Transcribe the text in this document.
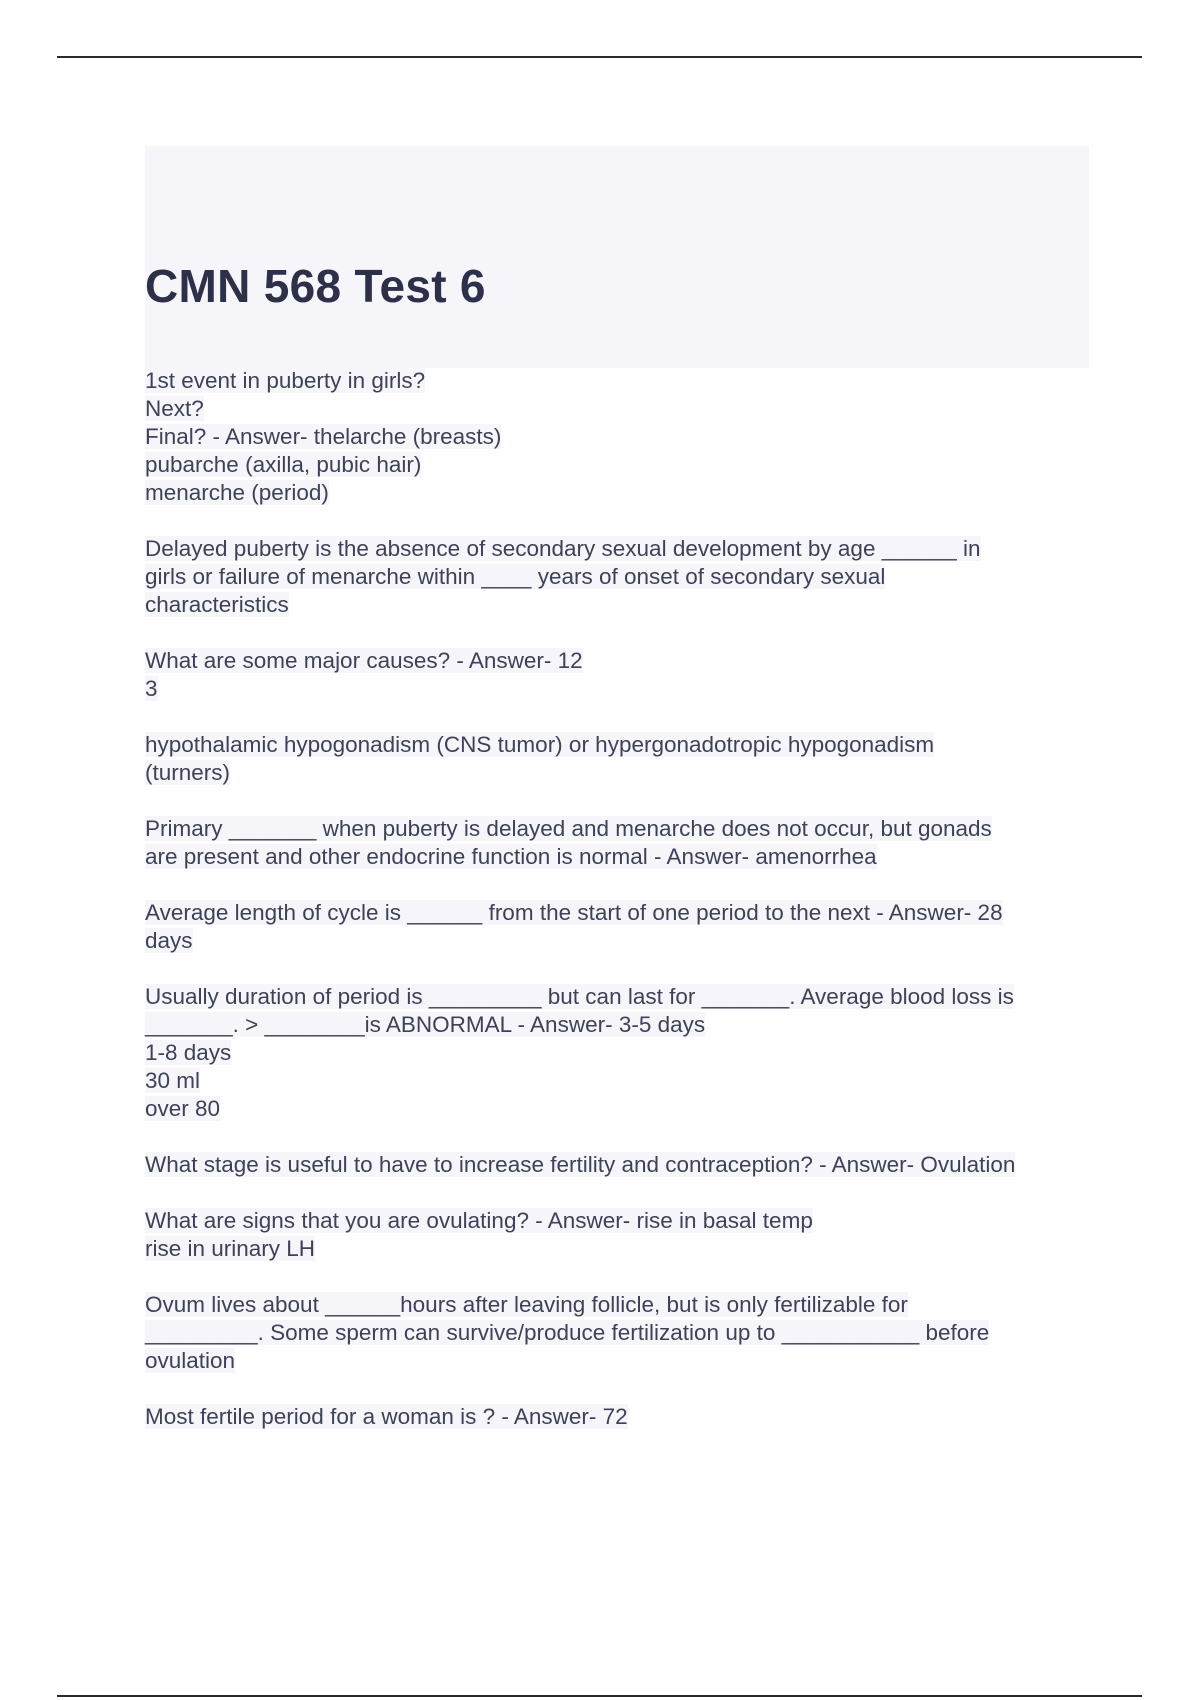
CMN 568 Test 6
1st event in puberty in girls?
Next?
Final? - Answer- thelarche (breasts)
pubarche (axilla, pubic hair)
menarche (period)
Delayed puberty is the absence of secondary sexual development by age ______ in
girls or failure of menarche within ____ years of onset of secondary sexual
characteristics
What are some major causes? - Answer- 12
3
hypothalamic hypogonadism (CNS tumor) or hypergonadotropic hypogonadism
(turners)
Primary _______ when puberty is delayed and menarche does not occur, but gonads
are present and other endocrine function is normal - Answer- amenorrhea
Average length of cycle is ______ from the start of one period to the next - Answer- 28
days
Usually duration of period is _________ but can last for _______. Average blood loss is
_______. > ________is ABNORMAL - Answer- 3-5 days
1-8 days
30 ml
over 80
What stage is useful to have to increase fertility and contraception? - Answer- Ovulation
What are signs that you are ovulating? - Answer- rise in basal temp
rise in urinary LH
Ovum lives about ______hours after leaving follicle, but is only fertilizable for
_________. Some sperm can survive/produce fertilization up to ___________ before
ovulation
Most fertile period for a woman is ? - Answer- 72
